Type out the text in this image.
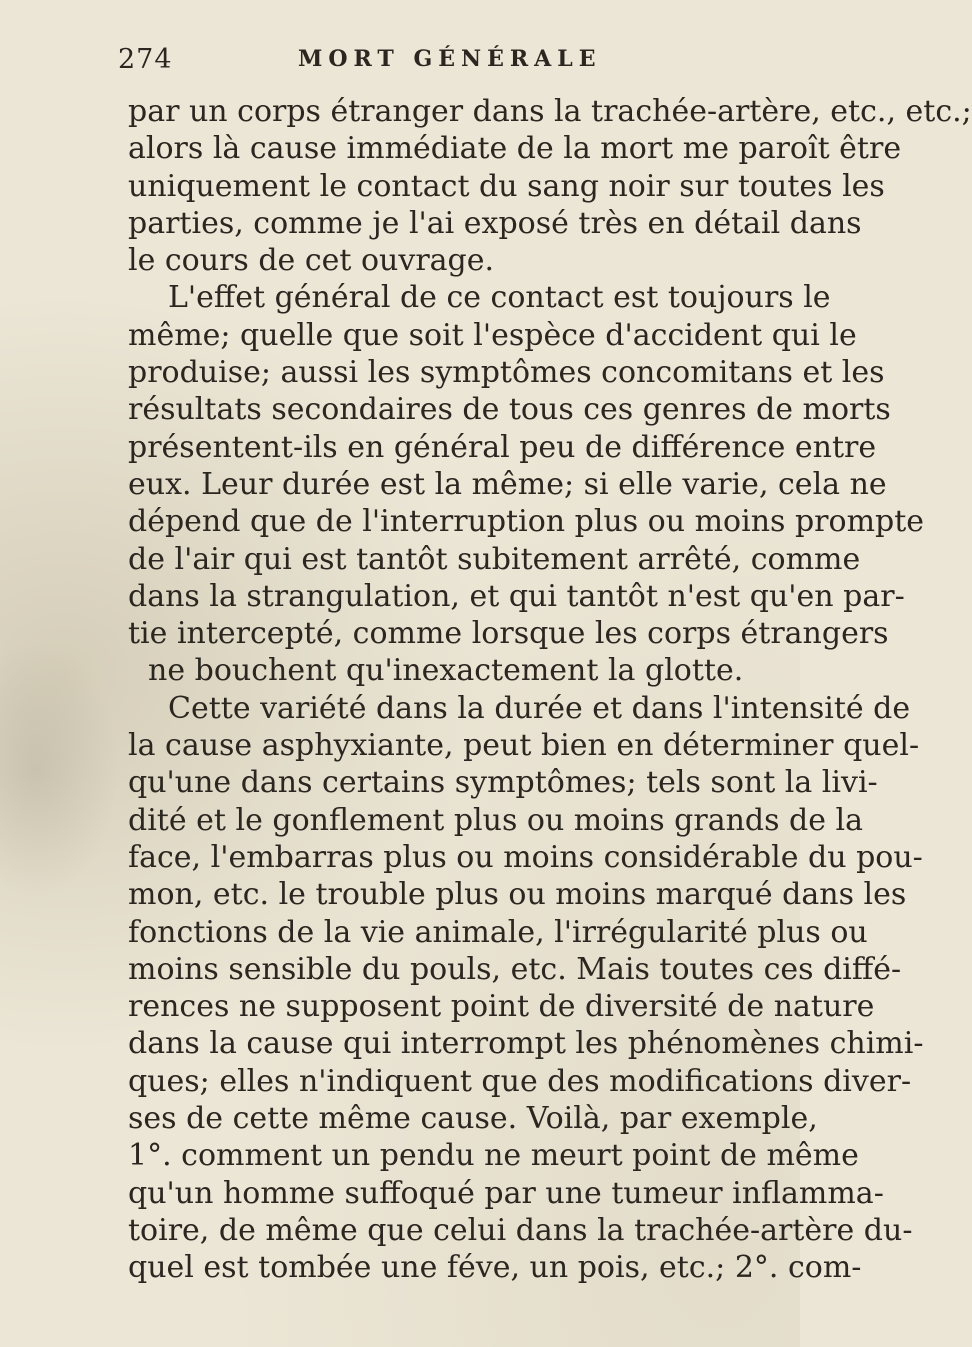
274	MORT GÉNÉRALE
par un corps étranger dans la trachée-artère, etc., etc.;
alors là cause immédiate de la mort me paroît être
uniquement le contact du sang noir sur toutes les
parties, comme je l'ai exposé très en détail dans
le cours de cet ouvrage.
L'effet général de ce contact est toujours le
même; quelle que soit l'espèce d'accident qui le
produise; aussi les symptômes concomitans et les
résultats secondaires de tous ces genres de morts
présentent-ils en général peu de différence entre
eux. Leur durée est la même; si elle varie, cela ne
dépend que de l'interruption plus ou moins prompte
de l'air qui est tantôt subitement arrêté, comme
dans la strangulation, et qui tantôt n'est qu'en par-
tie intercepté, comme lorsque les corps étrangers
ne bouchent qu'inexactement la glotte.
Cette variété dans la durée et dans l'intensité de
la cause asphyxiante, peut bien en déterminer quel-
qu'une dans certains symptômes; tels sont la livi-
dité et le gonflement plus ou moins grands de la
face, l'embarras plus ou moins considérable du pou-
mon, etc. le trouble plus ou moins marqué dans les
fonctions de la vie animale, l'irrégularité plus ou
moins sensible du pouls, etc. Mais toutes ces diffé-
rences ne supposent point de diversité de nature
dans la cause qui interrompt les phénomènes chimi-
ques; elles n'indiquent que des modifications diver-
ses de cette même cause. Voilà, par exemple,
1°. comment un pendu ne meurt point de même
qu'un homme suffoqué par une tumeur inflamma-
toire, de même que celui dans la trachée-artère du-
quel est tombée une féve, un pois, etc.; 2°. com-
